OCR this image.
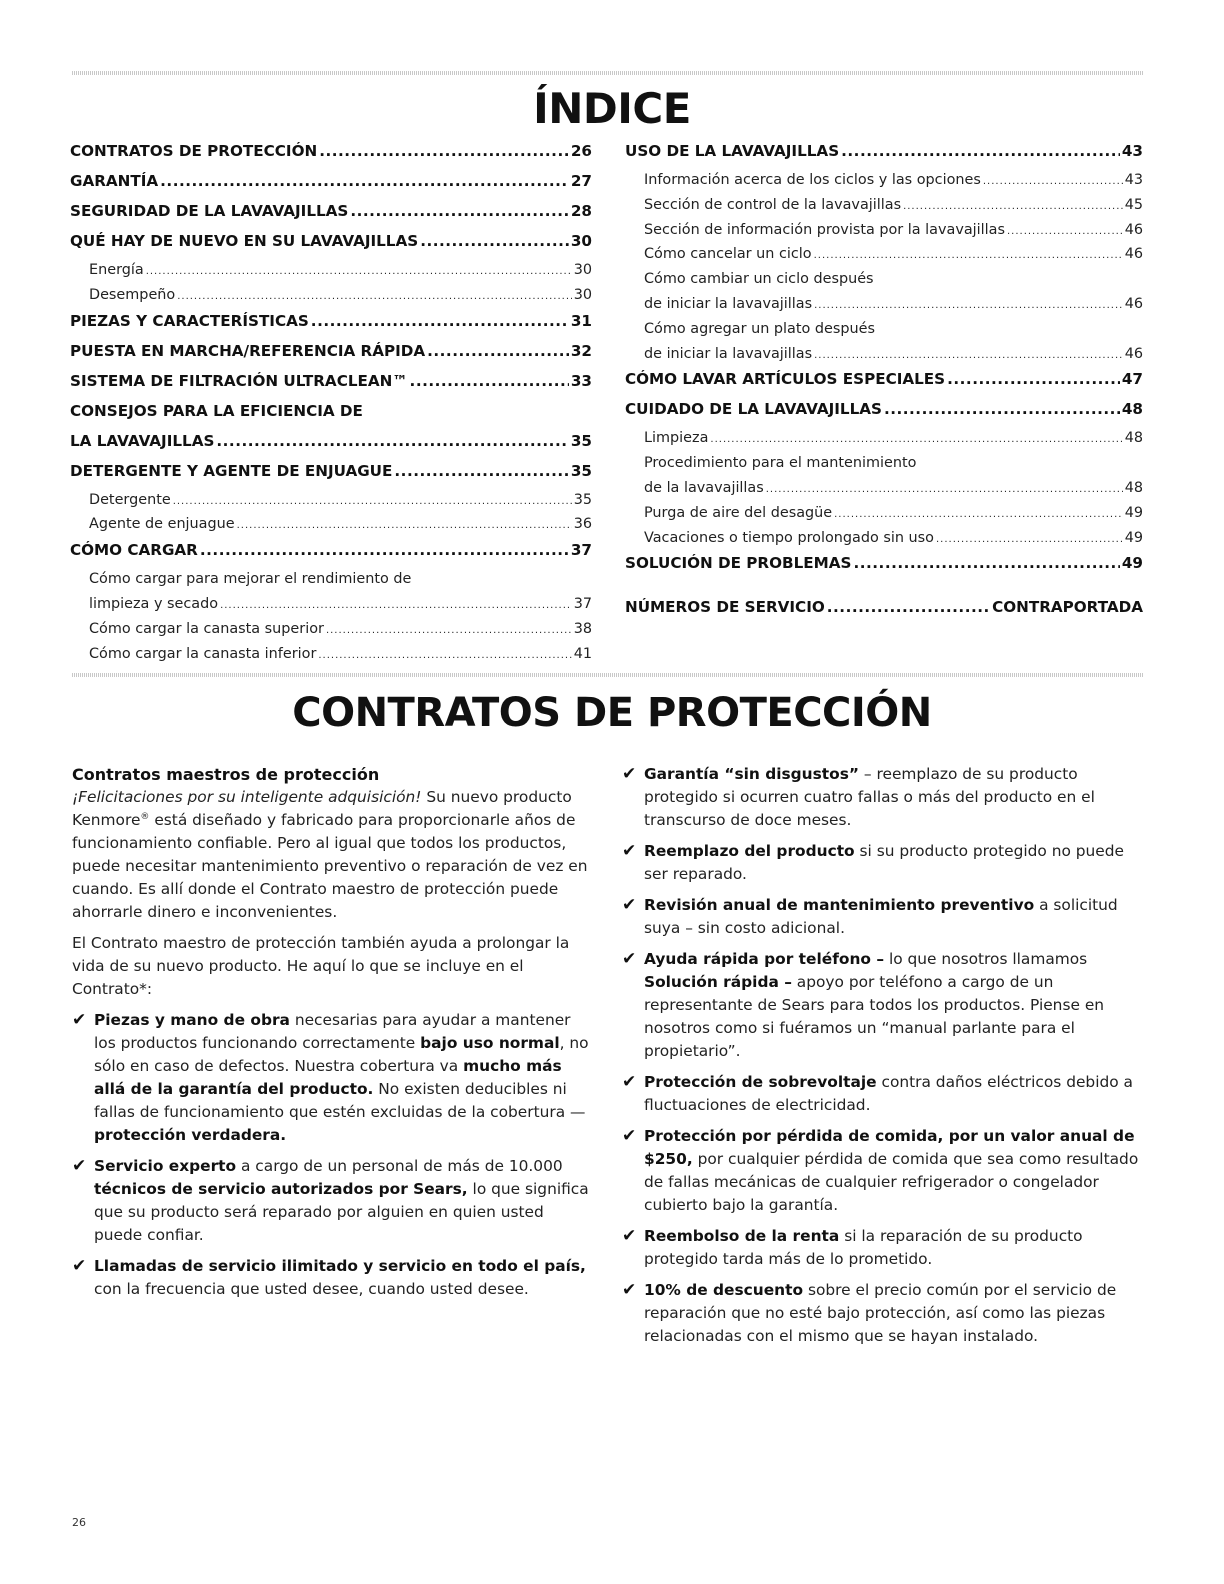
ÍNDICE
CONTRATOS DE PROTECCIÓN .....	26
GARANTÍA .....	27
SEGURIDAD DE LA LAVAVAJILLAS .....	28
QUÉ HAY DE NUEVO EN SU LAVAVAJILLAS .....	30
Energía .....	30
Desempeño .....	30
PIEZAS Y CARACTERÍSTICAS .....	31
PUESTA EN MARCHA/REFERENCIA RÁPIDA .....	32
SISTEMA DE FILTRACIÓN ULTRACLEAN™ .....	33
CONSEJOS PARA LA EFICIENCIA DE
LA LAVAVAJILLAS .....	35
DETERGENTE Y AGENTE DE ENJUAGUE .....	35
Detergente .....	35
Agente de enjuague .....	36
CÓMO CARGAR .....	37
Cómo cargar para mejorar el rendimiento de
limpieza y secado .....	37
Cómo cargar la canasta superior .....	38
Cómo cargar la canasta inferior .....	41
USO DE LA LAVAVAJILLAS .....	43
Información acerca de los ciclos y las opciones .....	43
Sección de control de la lavavajillas .....	45
Sección de información provista por la lavavajillas .....	46
Cómo cancelar un ciclo .....	46
Cómo cambiar un ciclo después
de iniciar la lavavajillas .....	46
Cómo agregar un plato después
de iniciar la lavavajillas .....	46
CÓMO LAVAR ARTÍCULOS ESPECIALES .....	47
CUIDADO DE LA LAVAVAJILLAS .....	48
Limpieza .....	48
Procedimiento para el mantenimiento
de la lavavajillas .....	48
Purga de aire del desagüe .....	49
Vacaciones o tiempo prolongado sin uso .....	49
SOLUCIÓN DE PROBLEMAS .....	49
NÚMEROS DE SERVICIO .....	CONTRAPORTADA
CONTRATOS DE PROTECCIÓN
Contratos maestros de protección

¡Felicitaciones por su inteligente adquisición! Su nuevo producto Kenmore® está diseñado y fabricado para proporcionarle años de funcionamiento confiable. Pero al igual que todos los productos, puede necesitar mantenimiento preventivo o reparación de vez en cuando. Es allí donde el Contrato maestro de protección puede ahorrarle dinero e inconvenientes.

El Contrato maestro de protección también ayuda a prolongar la vida de su nuevo producto. He aquí lo que se incluye en el Contrato*:

✔ Piezas y mano de obra necesarias para ayudar a mantener los productos funcionando correctamente bajo uso normal, no sólo en caso de defectos. Nuestra cobertura va mucho más allá de la garantía del producto. No existen deducibles ni fallas de funcionamiento que estén excluidas de la cobertura — protección verdadera.
✔ Servicio experto a cargo de un personal de más de 10.000 técnicos de servicio autorizados por Sears, lo que significa que su producto será reparado por alguien en quien usted puede confiar.
✔ Llamadas de servicio ilimitado y servicio en todo el país, con la frecuencia que usted desee, cuando usted desee.
✔ Garantía “sin disgustos” – reemplazo de su producto protegido si ocurren cuatro fallas o más del producto en el transcurso de doce meses.
✔ Reemplazo del producto si su producto protegido no puede ser reparado.
✔ Revisión anual de mantenimiento preventivo a solicitud suya – sin costo adicional.
✔ Ayuda rápida por teléfono – lo que nosotros llamamos Solución rápida – apoyo por teléfono a cargo de un representante de Sears para todos los productos. Piense en nosotros como si fuéramos un “manual parlante para el propietario”.
✔ Protección de sobrevoltaje contra daños eléctricos debido a fluctuaciones de electricidad.
✔ Protección por pérdida de comida, por un valor anual de $250, por cualquier pérdida de comida que sea como resultado de fallas mecánicas de cualquier refrigerador o congelador cubierto bajo la garantía.
✔ Reembolso de la renta si la reparación de su producto protegido tarda más de lo prometido.
✔ 10% de descuento sobre el precio común por el servicio de reparación que no esté bajo protección, así como las piezas relacionadas con el mismo que se hayan instalado.
26
